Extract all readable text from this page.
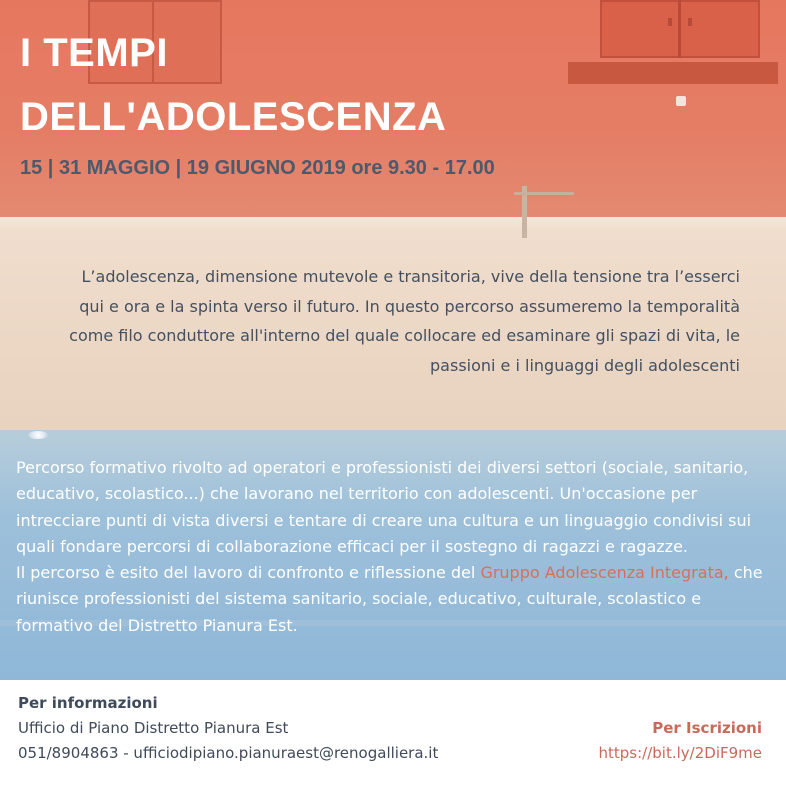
I TEMPI
DELL'ADOLESCENZA
15 | 31 MAGGIO | 19 GIUGNO 2019 ore 9.30 - 17.00

L’adolescenza, dimensione mutevole e transitoria, vive della tensione tra l’esserci qui e ora e la spinta verso il futuro. In questo percorso assumeremo la temporalità come filo conduttore all'interno del quale collocare ed esaminare gli spazi di vita, le passioni e i linguaggi degli adolescenti

Percorso formativo rivolto ad operatori e professionisti dei diversi settori (sociale, sanitario, educativo, scolastico...) che lavorano nel territorio con adolescenti. Un'occasione per intrecciare punti di vista diversi e tentare di creare una cultura e un linguaggio condivisi sui quali fondare percorsi di collaborazione efficaci per il sostegno di ragazzi e ragazze.

Il percorso è esito del lavoro di confronto e riflessione del Gruppo Adolescenza Integrata, che riunisce professionisti del sistema sanitario, sociale, educativo, culturale, scolastico e formativo del Distretto Pianura Est.

Per informazioni
Ufficio di Piano Distretto Pianura Est
051/8904863 - ufficiodipiano.pianuraest@renogalliera.it
Per Iscrizioni
https://bit.ly/2DiF9me
